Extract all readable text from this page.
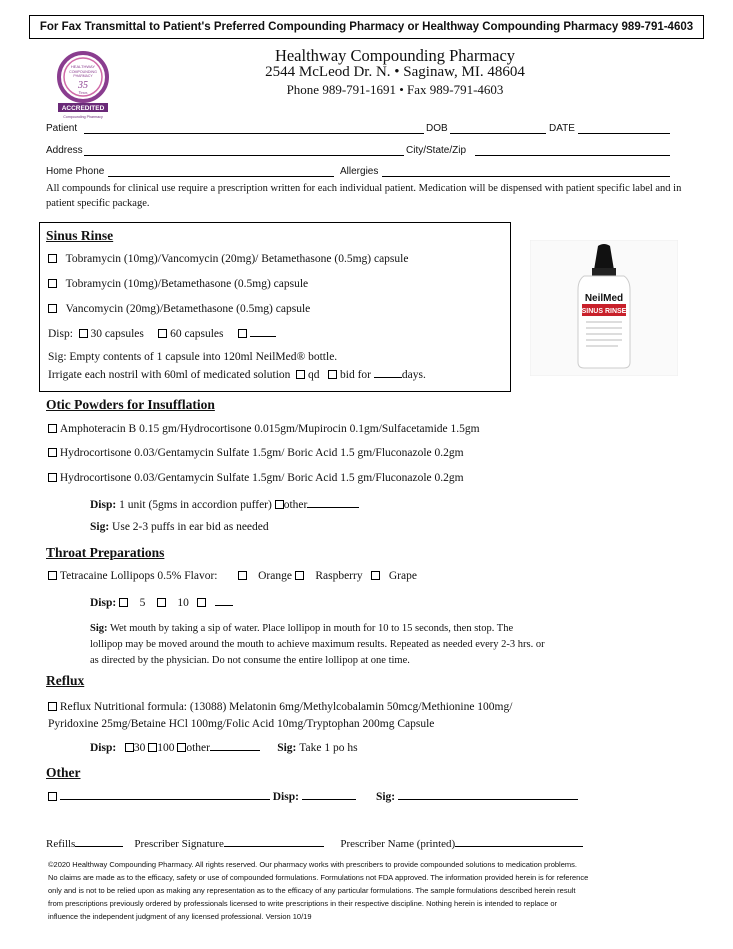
For Fax Transmittal to Patient's Preferred Compounding Pharmacy or Healthway Compounding Pharmacy 989-791-4603
HEALTHWAY
COMPOUNDING
PHARMACY
35
Years
ACCREDITED
Compounding Pharmacy
Healthway Compounding Pharmacy
2544 McLeod Dr. N. • Saginaw, MI. 48604
Phone 989-791-1691 • Fax 989-791-4603
Patient	DOB	DATE
Address	City/State/Zip
Home Phone	Allergies
All compounds for clinical use require a prescription written for each individual patient. Medication will be dispensed with patient specific label and in patient specific package.
Sinus Rinse
Tobramycin (10mg)/Vancomycin (20mg)/ Betamethasone (0.5mg) capsule
Tobramycin (10mg)/Betamethasone (0.5mg) capsule
Vancomycin (20mg)/Betamethasone (0.5mg) capsule
Disp: 30 capsules 60 capsules
Sig: Empty contents of 1 capsule into 120ml NeilMed® bottle.
Irrigate each nostril with 60ml of medicated solution qd bid for	days.
NeilMed
SINUS RINSE
Otic Powders for Insufflation
Amphoteracin B 0.15 gm/Hydrocortisone 0.015gm/Mupirocin 0.1gm/Sulfacetamide 1.5gm
Hydrocortisone 0.03/Gentamycin Sulfate 1.5gm/ Boric Acid 1.5 gm/Fluconazole 0.2gm
Hydrocortisone 0.03/Gentamycin Sulfate 1.5gm/ Boric Acid 1.5 gm/Fluconazole 0.2gm
Disp: 1 unit (5gms in accordion puffer) other
Sig: Use 2-3 puffs in ear bid as needed
Throat Preparations
Tetracaine Lollipops 0.5% Flavor:	Orange Raspberry Grape
Disp: 5	10
Sig: Wet mouth by taking a sip of water. Place lollipop in mouth for 10 to 15 seconds, then stop. The
lollipop may be moved around the mouth to achieve maximum results. Repeated as needed every 2-3 hrs. or
as directed by the physician. Do not consume the entire lollipop at one time.
Reflux
Reflux Nutritional formula: (13088) Melatonin 6mg/Methylcobalamin 50mcg/Methionine 100mg/
Pyridoxine 25mg/Betaine HCl 100mg/Folic Acid 10mg/Tryptophan 200mg Capsule
Disp: 30 100 other	Sig: Take 1 po hs
Other
Disp:	Sig:
Refills	Prescriber Signature	Prescriber Name (printed)
©2020 Healthway Compounding Pharmacy. All rights reserved. Our pharmacy works with prescribers to provide compounded solutions to medication problems.
No claims are made as to the efficacy, safety or use of compounded formulations. Formulations not FDA approved. The information provided herein is for reference
only and is not to be relied upon as making any representation as to the efficacy of any particular formulations. The sample formulations described herein result
from prescriptions previously ordered by professionals licensed to write prescriptions in their respective discipline. Nothing herein is intended to replace or
influence the independent judgment of any licensed professional. Version 10/19
